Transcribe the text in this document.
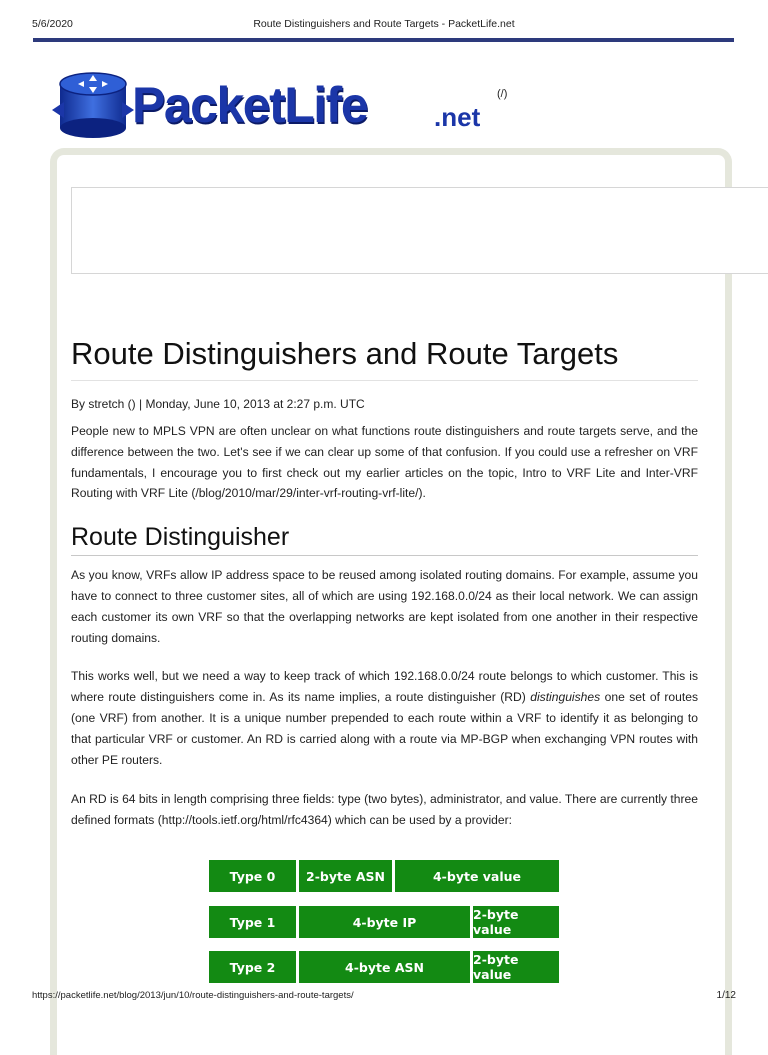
5/6/2020	Route Distinguishers and Route Targets - PacketLife.net
PacketLife	.net
(/)
Route Distinguishers and Route Targets
By stretch () | Monday, June 10, 2013 at 2:27 p.m. UTC

People new to MPLS VPN are often unclear on what functions route distinguishers and route targets serve, and the difference between the two. Let's see if we can clear up some of that confusion. If you could use a refresher on VRF fundamentals, I encourage you to first check out my earlier articles on the topic, Intro to VRF Lite and Inter-VRF Routing with VRF Lite (/blog/2010/mar/29/inter-vrf-routing-vrf-lite/).

Route Distinguisher

As you know, VRFs allow IP address space to be reused among isolated routing domains. For example, assume you have to connect to three customer sites, all of which are using 192.168.0.0/24 as their local network. We can assign each customer its own VRF so that the overlapping networks are kept isolated from one another in their respective routing domains.

This works well, but we need a way to keep track of which 192.168.0.0/24 route belongs to which customer. This is where route distinguishers come in. As its name implies, a route distinguisher (RD) distinguishes one set of routes (one VRF) from another. It is a unique number prepended to each route within a VRF to identify it as belonging to that particular VRF or customer. An RD is carried along with a route via MP-BGP when exchanging VPN routes with other PE routers.

An RD is 64 bits in length comprising three fields: type (two bytes), administrator, and value. There are currently three defined formats (http://tools.ietf.org/html/rfc4364) which can be used by a provider:

Type 0	2-byte ASN	4-byte value
Type 1	4-byte IP	2-byte value
Type 2	4-byte ASN	2-byte value
https://packetlife.net/blog/2013/jun/10/route-distinguishers-and-route-targets/	1/12
